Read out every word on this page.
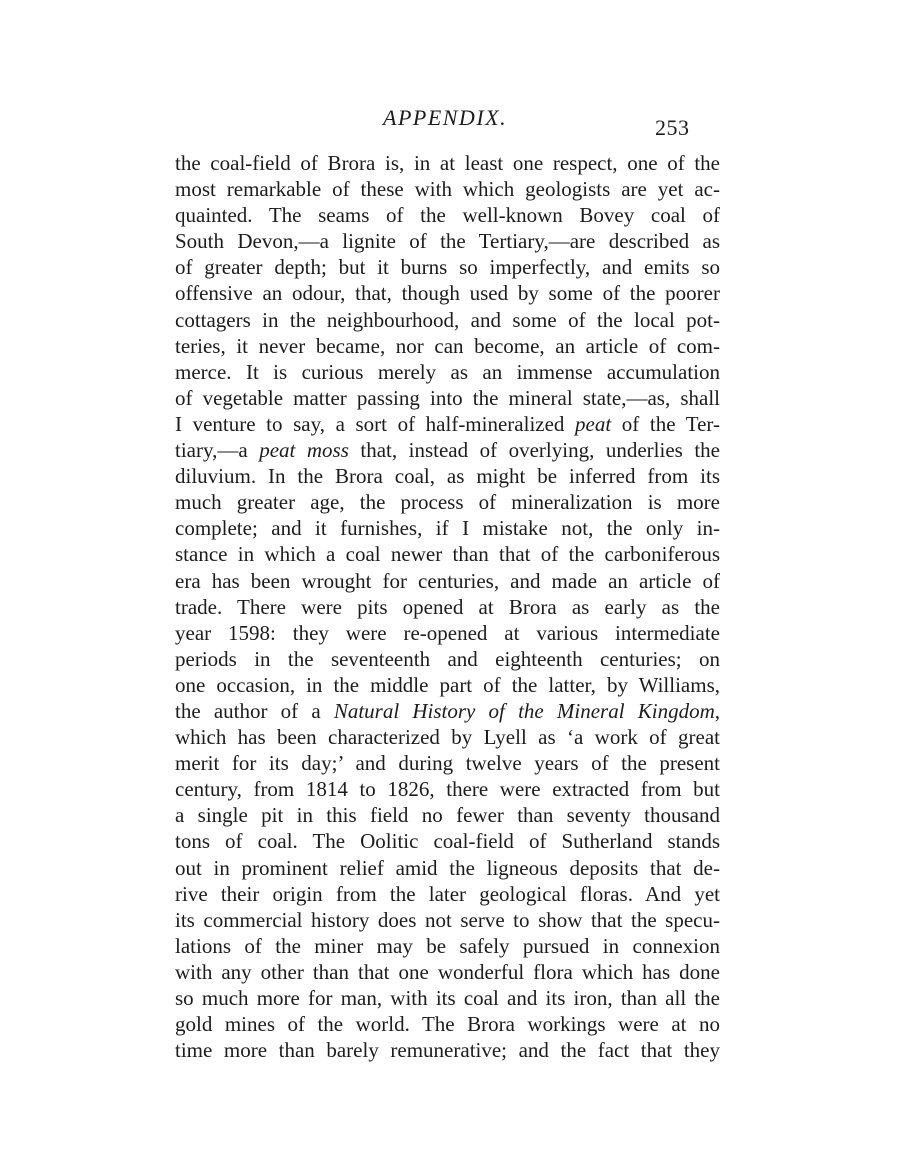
APPENDIX.	253
the coal-field of Brora is, in at least one respect, one of the
most remarkable of these with which geologists are yet ac-
quainted. The seams of the well-known Bovey coal of
South Devon,—a lignite of the Tertiary,—are described as
of greater depth; but it burns so imperfectly, and emits so
offensive an odour, that, though used by some of the poorer
cottagers in the neighbourhood, and some of the local pot-
teries, it never became, nor can become, an article of com-
merce. It is curious merely as an immense accumulation
of vegetable matter passing into the mineral state,—as, shall
I venture to say, a sort of half-mineralized peat of the Ter-
tiary,—a peat moss that, instead of overlying, underlies the
diluvium. In the Brora coal, as might be inferred from its
much greater age, the process of mineralization is more
complete; and it furnishes, if I mistake not, the only in-
stance in which a coal newer than that of the carboniferous
era has been wrought for centuries, and made an article of
trade. There were pits opened at Brora as early as the
year 1598: they were re-opened at various intermediate
periods in the seventeenth and eighteenth centuries; on
one occasion, in the middle part of the latter, by Williams,
the author of a Natural History of the Mineral Kingdom,
which has been characterized by Lyell as ‘a work of great
merit for its day;’ and during twelve years of the present
century, from 1814 to 1826, there were extracted from but
a single pit in this field no fewer than seventy thousand
tons of coal. The Oolitic coal-field of Sutherland stands
out in prominent relief amid the ligneous deposits that de-
rive their origin from the later geological floras. And yet
its commercial history does not serve to show that the specu-
lations of the miner may be safely pursued in connexion
with any other than that one wonderful flora which has done
so much more for man, with its coal and its iron, than all the
gold mines of the world. The Brora workings were at no
time more than barely remunerative; and the fact that they
